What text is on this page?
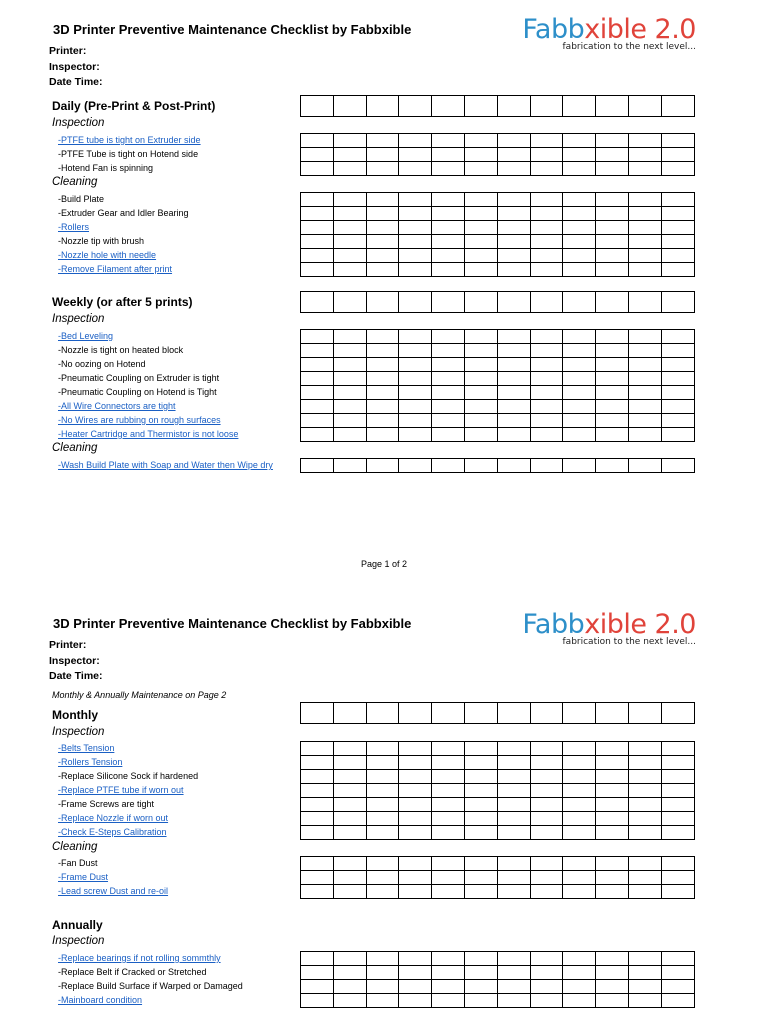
3D Printer Preventive Maintenance Checklist by Fabbxible	Fabbxible 2.0
fabrication to the next level...
Printer:
Inspector:
Date Time:
Daily (Pre-Print & Post-Print)

Inspection
-PTFE tube is tight on Extruder side
-PTFE Tube is tight on Hotend side
-Hotend Fan is spinning

Cleaning
-Build Plate
-Extruder Gear and Idler Bearing
-Rollers
-Nozzle tip with brush
-Nozzle hole with needle
-Remove Filament after print

Weekly (or after 5 prints)

Inspection
-Bed Leveling
-Nozzle is tight on heated block
-No oozing on Hotend
-Pneumatic Coupling on Extruder is tight
-Pneumatic Coupling on Hotend is Tight
-All Wire Connectors are tight
-No Wires are rubbing on rough surfaces
-Heater Cartridge and Thermistor is not loose

Cleaning
-Wash Build Plate with Soap and Water then Wipe dry

Page 1 of 2
3D Printer Preventive Maintenance Checklist by Fabbxible	Fabbxible 2.0
fabrication to the next level...
Printer:
Inspector:
Date Time:
Monthly & Annually Maintenance on Page 2
Monthly

Inspection
-Belts Tension
-Rollers Tension
-Replace Silicone Sock if hardened
-Replace PTFE tube if worn out
-Frame Screws are tight
-Replace Nozzle if worn out
-Check E-Steps Calibration

Cleaning
-Fan Dust
-Frame Dust
-Lead screw Dust and re-oil

Annually
Inspection
-Replace bearings if not rolling sommthly
-Replace Belt if Cracked or Stretched
-Replace Build Surface if Warped or Damaged
-Mainboard condition
